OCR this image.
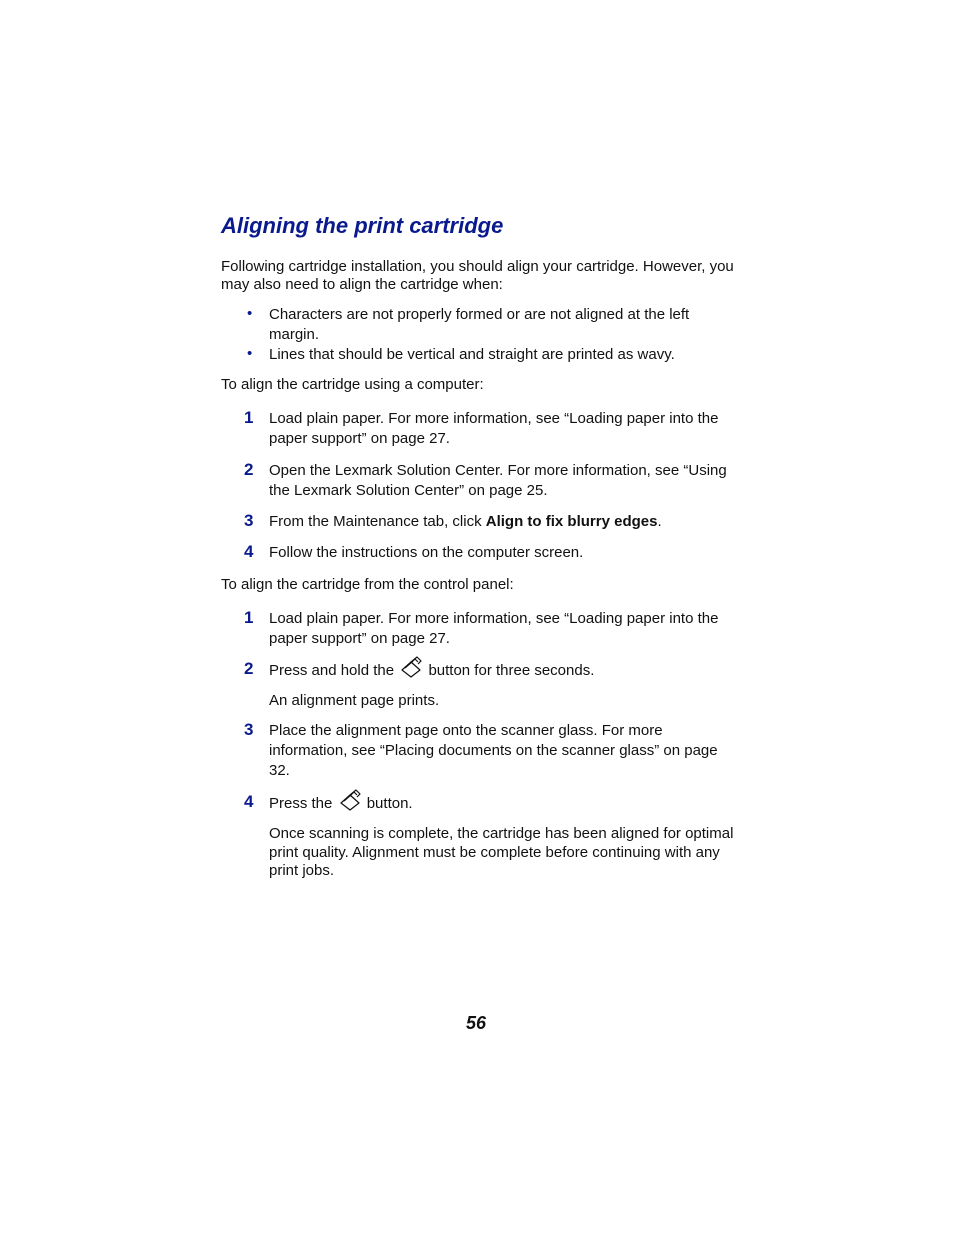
Aligning the print cartridge

Following cartridge installation, you should align your cartridge. However, you may also need to align the cartridge when:

• Characters are not properly formed or are not aligned at the left margin.
• Lines that should be vertical and straight are printed as wavy.

To align the cartridge using a computer:

1 Load plain paper. For more information, see “Loading paper into the paper support” on page 27.
2 Open the Lexmark Solution Center. For more information, see “Using the Lexmark Solution Center” on page 25.
3 From the Maintenance tab, click Align to fix blurry edges.
4 Follow the instructions on the computer screen.

To align the cartridge from the control panel:

1 Load plain paper. For more information, see “Loading paper into the paper support” on page 27.
2 Press and hold the button for three seconds.
An alignment page prints.
3 Place the alignment page onto the scanner glass. For more information, see “Placing documents on the scanner glass” on page 32.
4 Press the button.
Once scanning is complete, the cartridge has been aligned for optimal print quality. Alignment must be complete before continuing with any print jobs.
56
